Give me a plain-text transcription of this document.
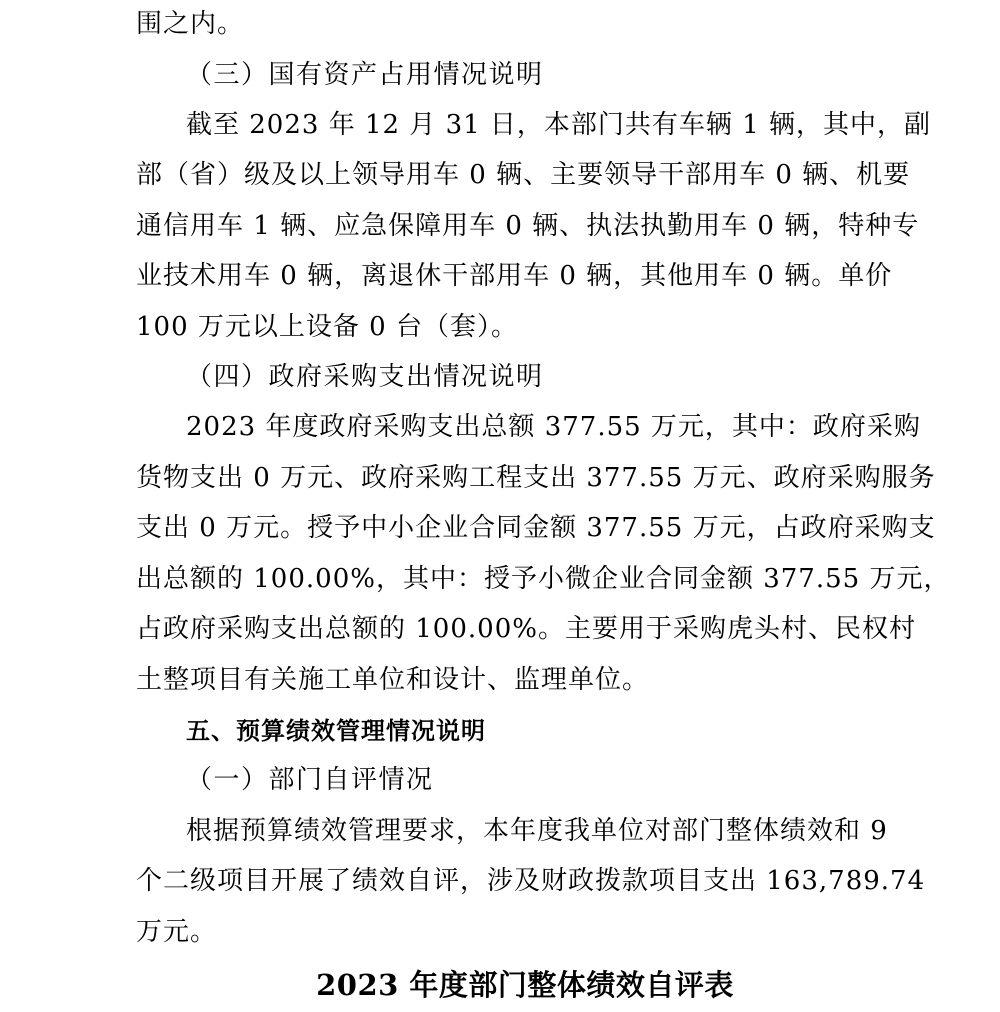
围之内。
（三）国有资产占用情况说明
截至 2023 年 12 月 31 日，本部门共有车辆 1 辆，其中，副
部（省）级及以上领导用车 0 辆、主要领导干部用车 0 辆、机要
通信用车 1 辆、应急保障用车 0 辆、执法执勤用车 0 辆，特种专
业技术用车 0 辆，离退休干部用车 0 辆，其他用车 0 辆。单价
100 万元以上设备 0 台（套）。
（四）政府采购支出情况说明
2023 年度政府采购支出总额 377.55 万元，其中：政府采购
货物支出 0 万元、政府采购工程支出 377.55 万元、政府采购服务
支出 0 万元。授予中小企业合同金额 377.55 万元，占政府采购支
出总额的 100.00%，其中：授予小微企业合同金额 377.55 万元，
占政府采购支出总额的 100.00%。主要用于采购虎头村、民权村
土整项目有关施工单位和设计、监理单位。
五、预算绩效管理情况说明
（一）部门自评情况
根据预算绩效管理要求，本年度我单位对部门整体绩效和 9
个二级项目开展了绩效自评，涉及财政拨款项目支出 163,789.74
万元。
2023 年度部门整体绩效自评表
